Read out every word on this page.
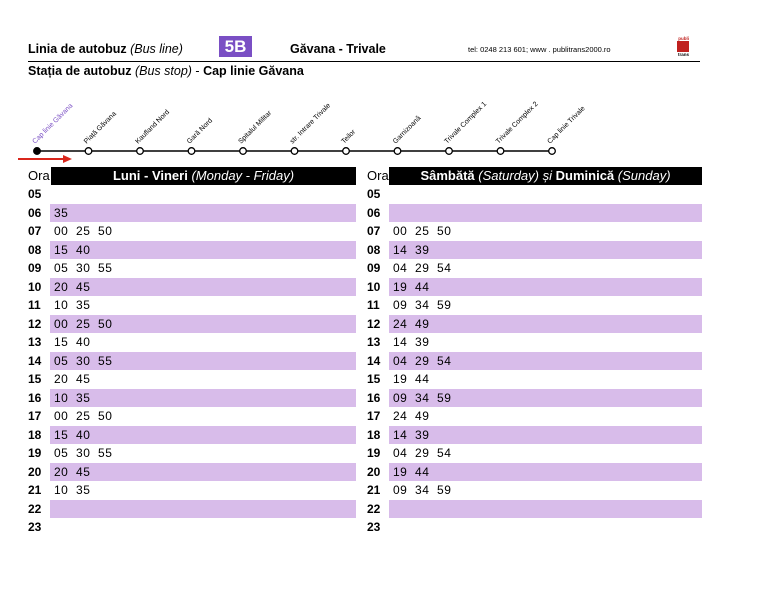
Linia de autobuz (Bus line)	5B	Găvana - Trivale	tel: 0248 213 601; www . publitrans2000.ro
publi
trans
Stația de autobuz (Bus stop) - Cap linie Găvana
Cap linie Găvana Piață Găvana Kaufland Nord Gară Nord	Spitalul Militar str. Intrare Trivale Teilor	Garnizoană	Trivale Complex 1 Trivale Complex 2 Cap linie Trivale
Ora	Luni - Vineri (Monday - Friday)
05
06	35
07	00  25  50
08	15  40
09	05  30  55
10	20  45
11	10  35
12	00  25  50
13	15  40
14	05  30  55
15	20  45
16	10  35
17	00  25  50
18	15  40
19	05  30  55
20	20  45
21	10  35
22
23
Ora	Sâmbătă (Saturday) și Duminică (Sunday)
05
06
07	00  25  50
08	14  39
09	04  29  54
10	19  44
11	09  34  59
12	24  49
13	14  39
14	04  29  54
15	19  44
16	09  34  59
17	24  49
18	14  39
19	04  29  54
20	19  44
21	09  34  59
22
23
